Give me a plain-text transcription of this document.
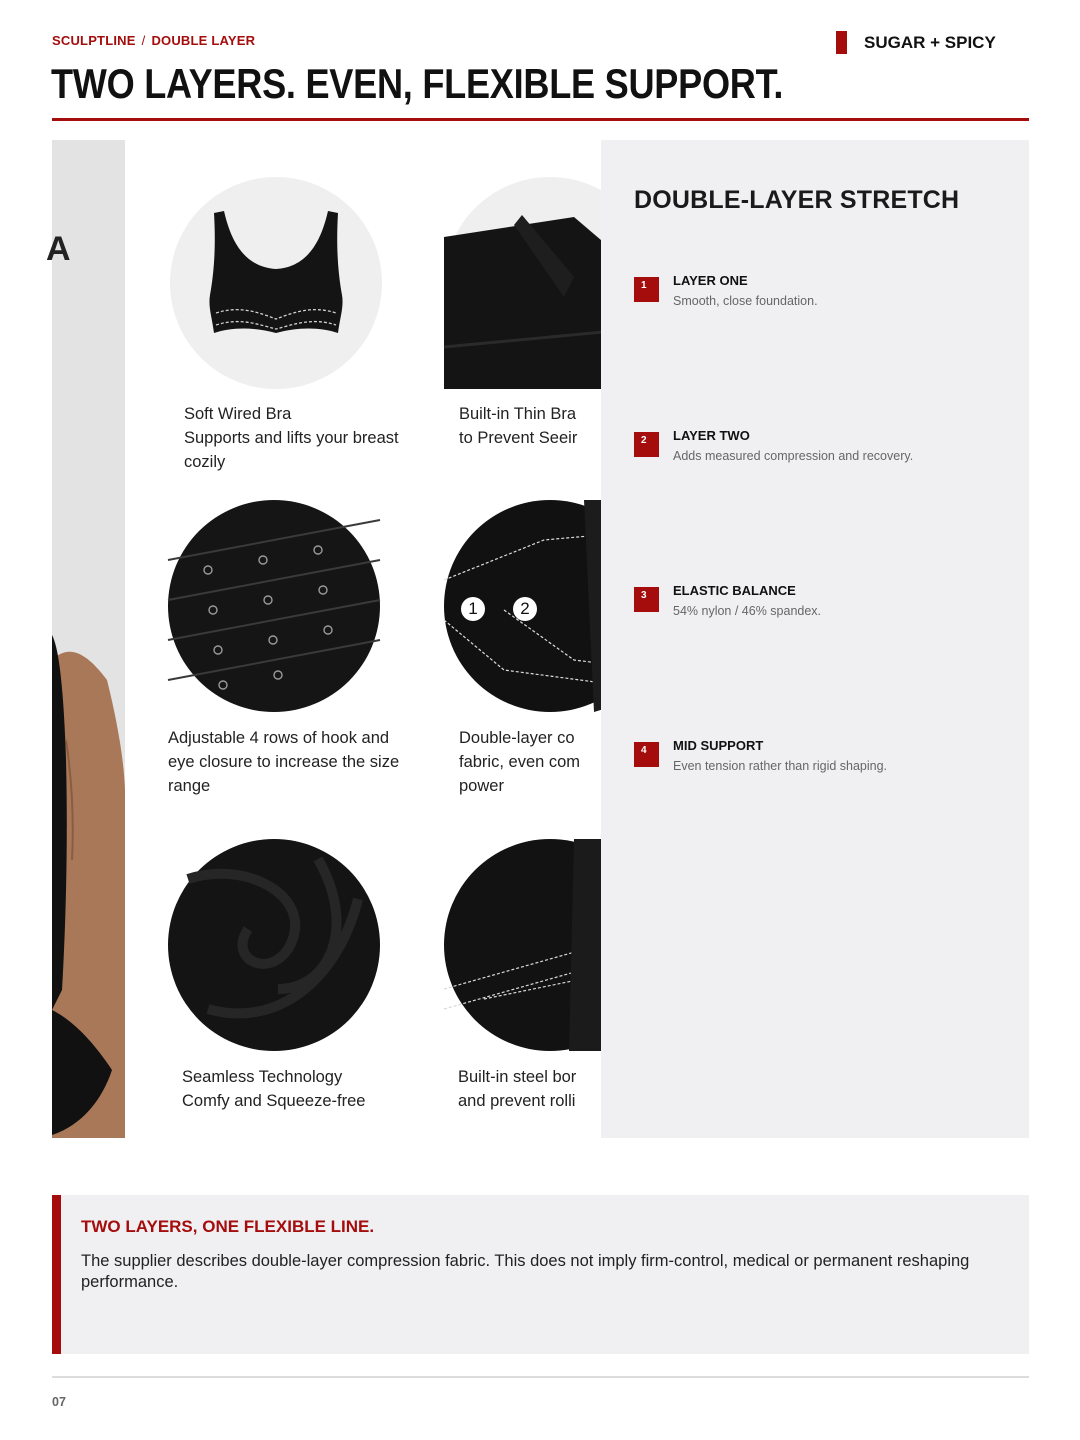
SCULPTLINE / DOUBLE LAYER	SUGAR + SPICY
TWO LAYERS. EVEN, FLEXIBLE SUPPORT.
A
Soft Wired Bra
Supports and lifts your breast
cozily
Built-in Thin Bra
to Prevent Seeir
Adjustable 4 rows of hook and
eye closure to increase the size
range
1	2
Double-layer co
fabric, even com
power
Seamless Technology
Comfy and Squeeze-free
Built-in steel bor
and prevent rolli
DOUBLE-LAYER STRETCH
1	LAYER ONE
Smooth, close foundation.
2	LAYER TWO
Adds measured compression and recovery.
3	ELASTIC BALANCE
54% nylon / 46% spandex.
4	MID SUPPORT
Even tension rather than rigid shaping.
TWO LAYERS, ONE FLEXIBLE LINE.

The supplier describes double-layer compression fabric. This does not imply firm-control, medical or permanent reshaping performance.

07
